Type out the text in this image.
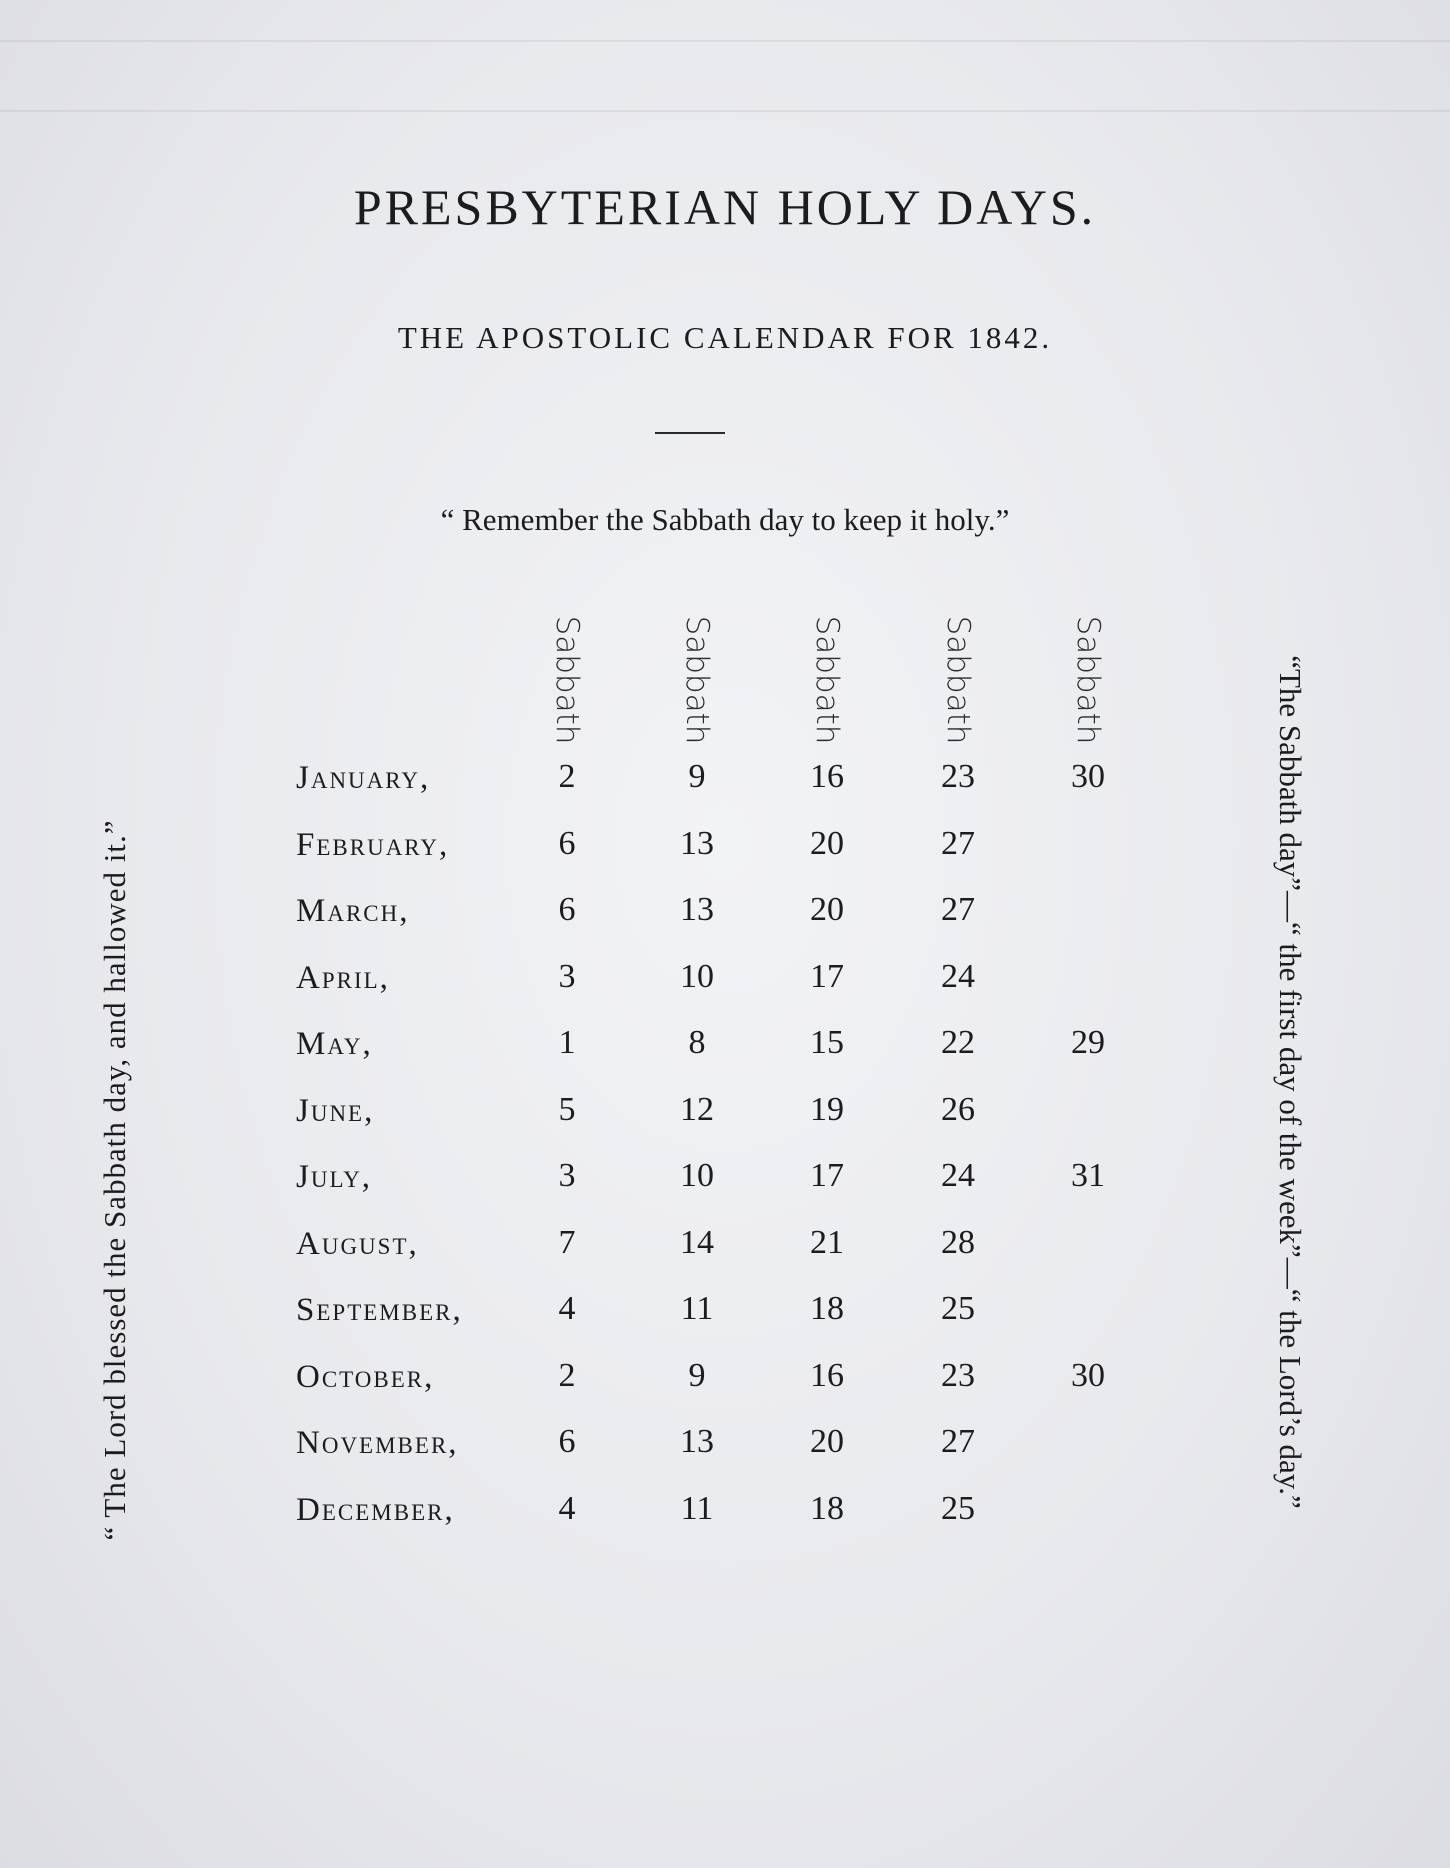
PRESBYTERIAN HOLY DAYS.
THE APOSTOLIC CALENDAR FOR 1842.
“ Remember the Sabbath day to keep it holy.”
“ The Lord blessed the Sabbath day, and hallowed it.”	“The Sabbath day”—“ the first day of the week”—“ the Lord’s day.”
Sabbath	Sabbath	Sabbath	Sabbath	Sabbath
January,	2	9	16	23	30
February,	6	13	20	27
March,	6	13	20	27
April,	3	10	17	24
May,	1	8	15	22	29
June,	5	12	19	26
July,	3	10	17	24	31
August,	7	14	21	28
September,	4	11	18	25
October,	2	9	16	23	30
November,	6	13	20	27
December,	4	11	18	25
